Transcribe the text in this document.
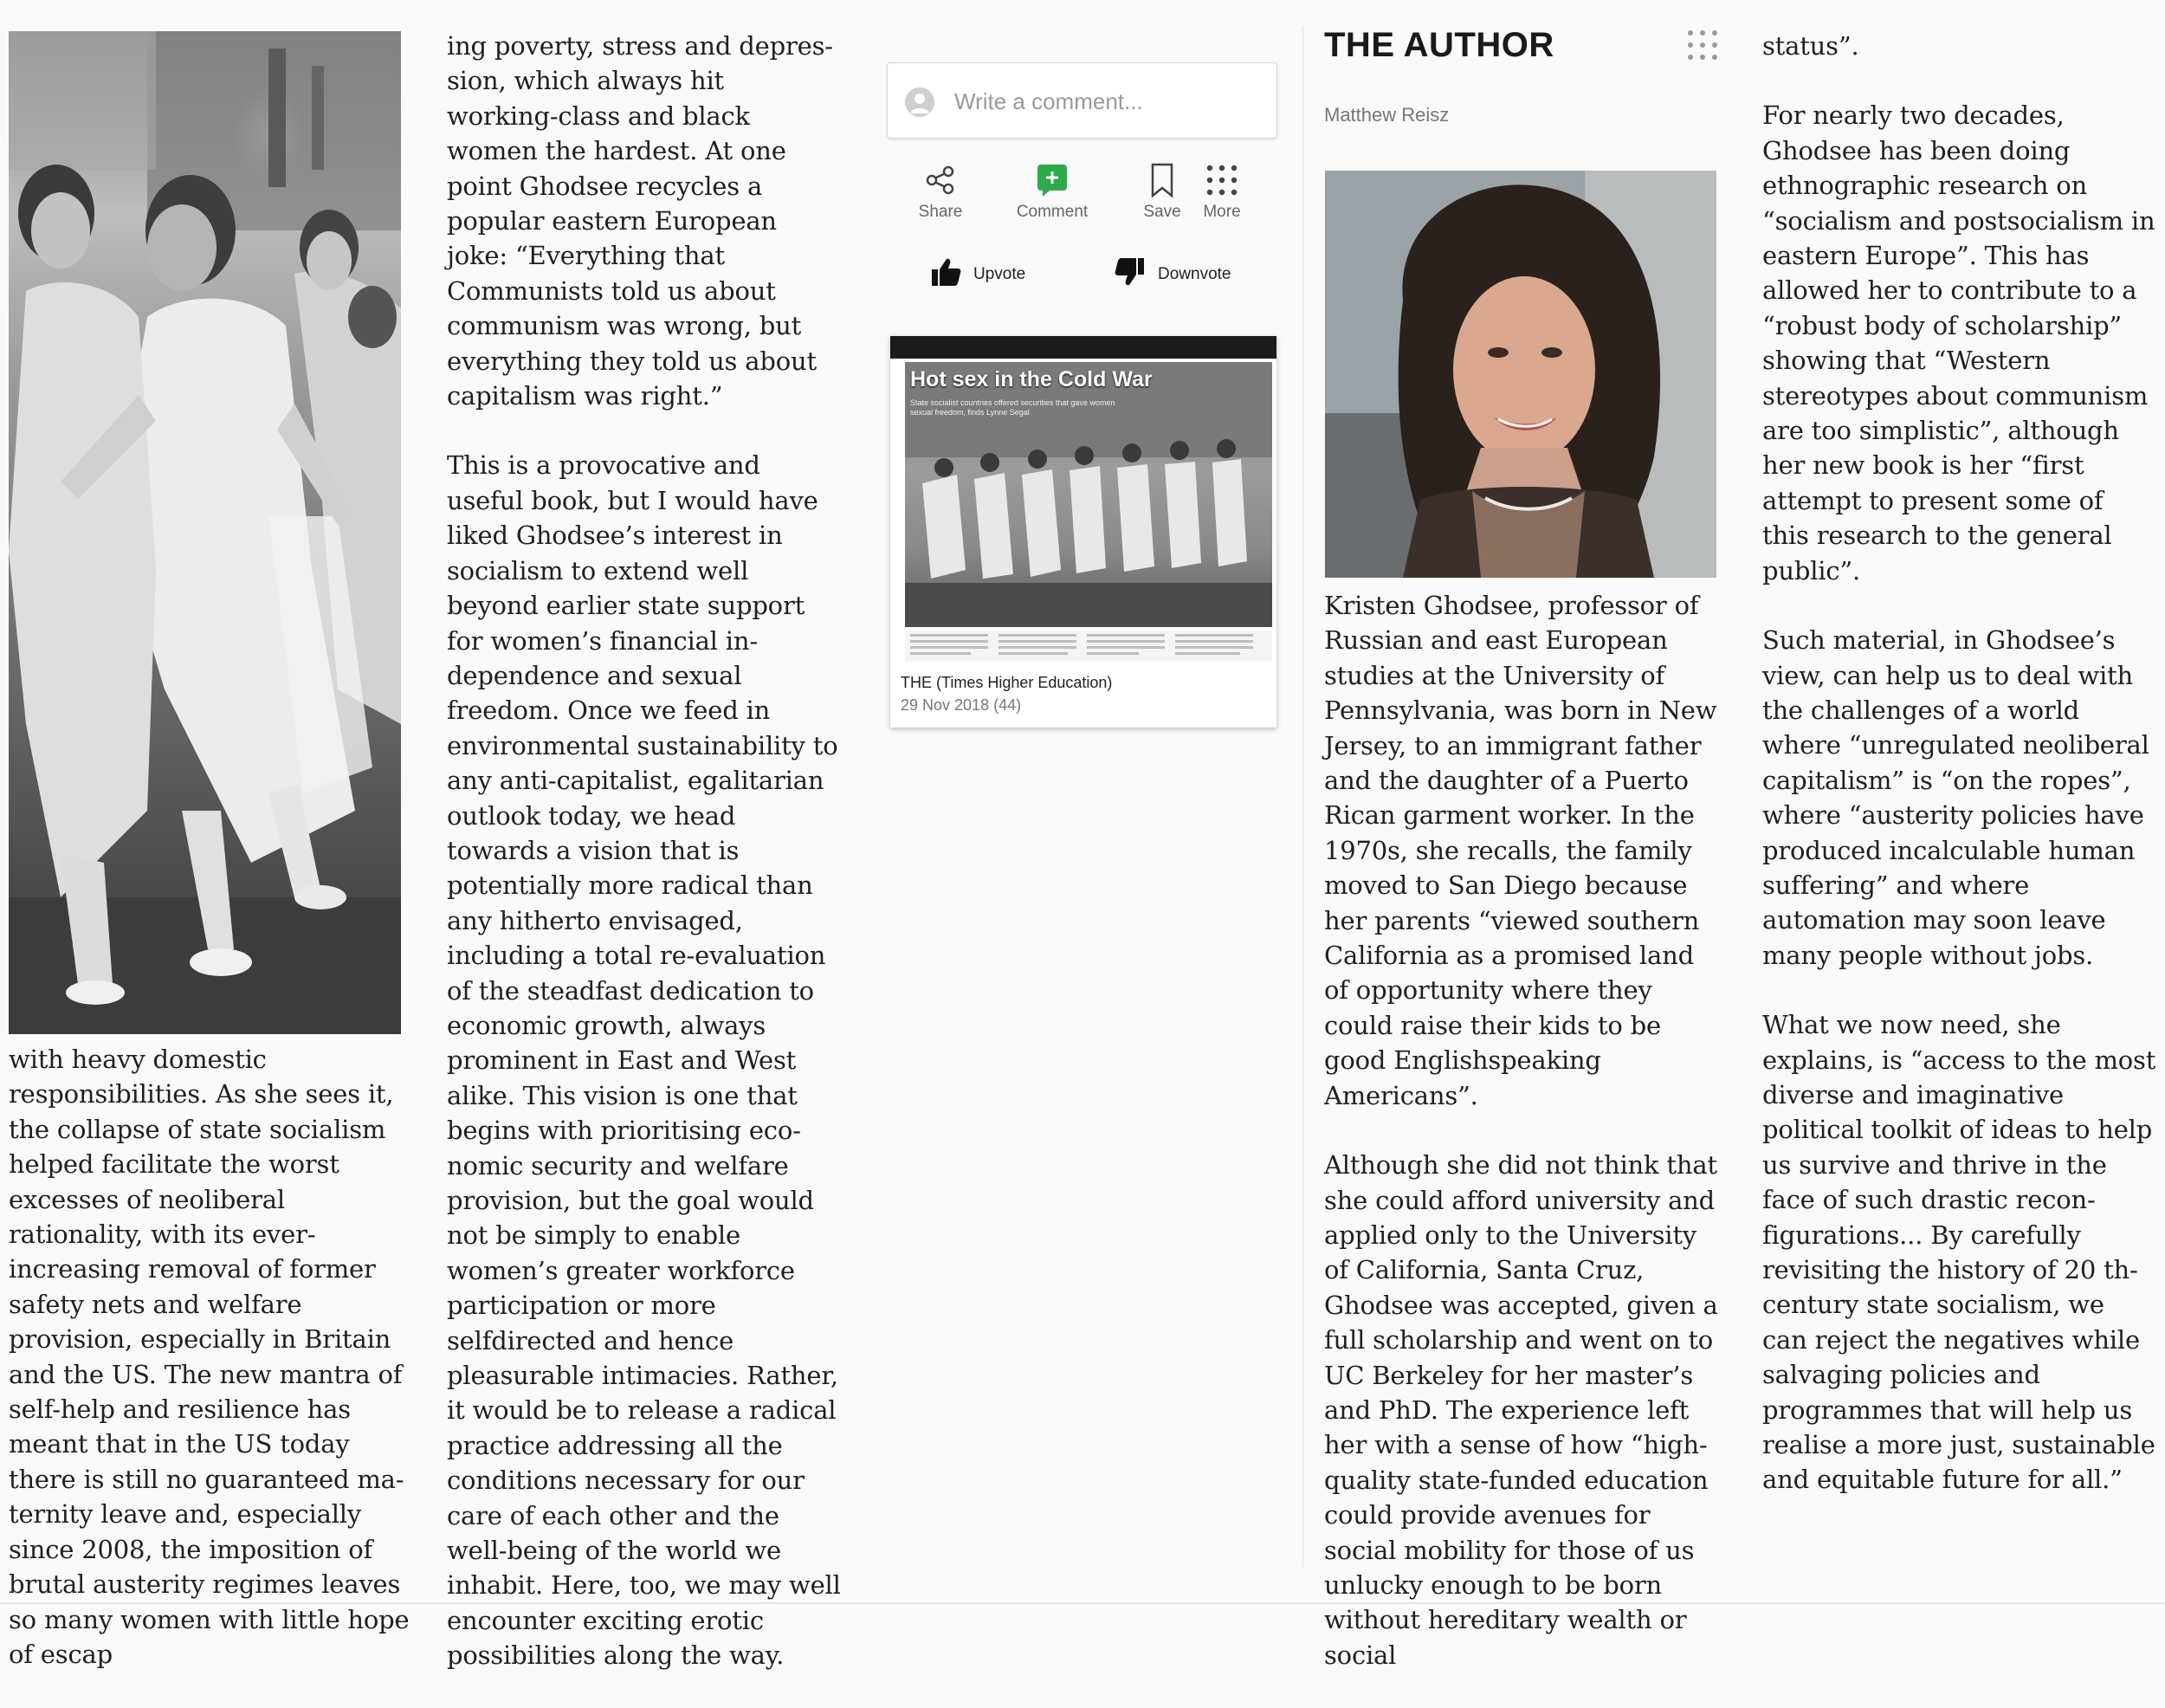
with heavy domestic responsibilities. As she sees it, the collapse of state socialism helped facilitate the worst excesses of neoliberal rationality, with its ever-increasing removal of former safety nets and welfare provision, especially in Britain and the US. The new mantra of self-help and resilience has meant that in the US today there is still no guaranteed maternity leave and, especially since 2008, the imposition of brutal austerity regimes leaves so many women with little hope of escap

ing poverty, stress and depression, which always hit working-class and black women the hardest. At one point Ghodsee recycles a popular eastern European joke: “Everything that Communists told us about communism was wrong, but everything they told us about capitalism was right.”

This is a provocative and useful book, but I would have liked Ghodsee’s interest in socialism to extend well beyond earlier state support for women’s financial independence and sexual freedom. Once we feed in environmental sustainability to any anti-capitalist, egalitarian outlook today, we head towards a vision that is potentially more radical than any hitherto envisaged, including a total re-evaluation of the steadfast dedication to economic growth, always prominent in East and West alike. This vision is one that begins with prioritising economic security and welfare provision, but the goal would not be simply to enable women’s greater workforce participation or more selfdirected and hence pleasurable intimacies. Rather, it would be to release a radical practice addressing all the conditions necessary for our care of each other and the well-being of the world we inhabit. Here, too, we may well encounter exciting erotic possibilities along the way.

Write a comment...
Share	Comment	Save	More
Upvote	Downvote
Hot sex in the Cold War
State socialist countries offered securities that gave women sexual freedom, finds Lynne Segal
THE (Times Higher Education)
29 Nov 2018 (44)
THE AUTHOR
Matthew Reisz

Kristen Ghodsee, professor of Russian and east European studies at the University of Pennsylvania, was born in New Jersey, to an immigrant father and the daughter of a Puerto Rican garment worker. In the 1970s, she recalls, the family moved to San Diego because her parents “viewed southern California as a promised land of opportunity where they could raise their kids to be good Englishspeaking Americans”.

Although she did not think that she could afford university and applied only to the University of California, Santa Cruz, Ghodsee was accepted, given a full scholarship and went on to UC Berkeley for her master’s and PhD. The experience left her with a sense of how “high-quality state-funded education could provide avenues for social mobility for those of us unlucky enough to be born without hereditary wealth or social

status”.

For nearly two decades, Ghodsee has been doing ethnographic research on “socialism and postsocialism in eastern Europe”. This has allowed her to contribute to a “robust body of scholarship” showing that “Western stereotypes about communism are too simplistic”, although her new book is her “first attempt to present some of this research to the general public”.

Such material, in Ghodsee’s view, can help us to deal with the challenges of a world where “unregulated neoliberal capitalism” is “on the ropes”, where “austerity policies have produced incalculable human suffering” and where automation may soon leave many people without jobs.

What we now need, she explains, is “access to the most diverse and imaginative political toolkit of ideas to help us survive and thrive in the face of such drastic reconfigurations... By carefully revisiting the history of 20 th-century state socialism, we can reject the negatives while salvaging policies and programmes that will help us realise a more just, sustainable and equitable future for all.”
